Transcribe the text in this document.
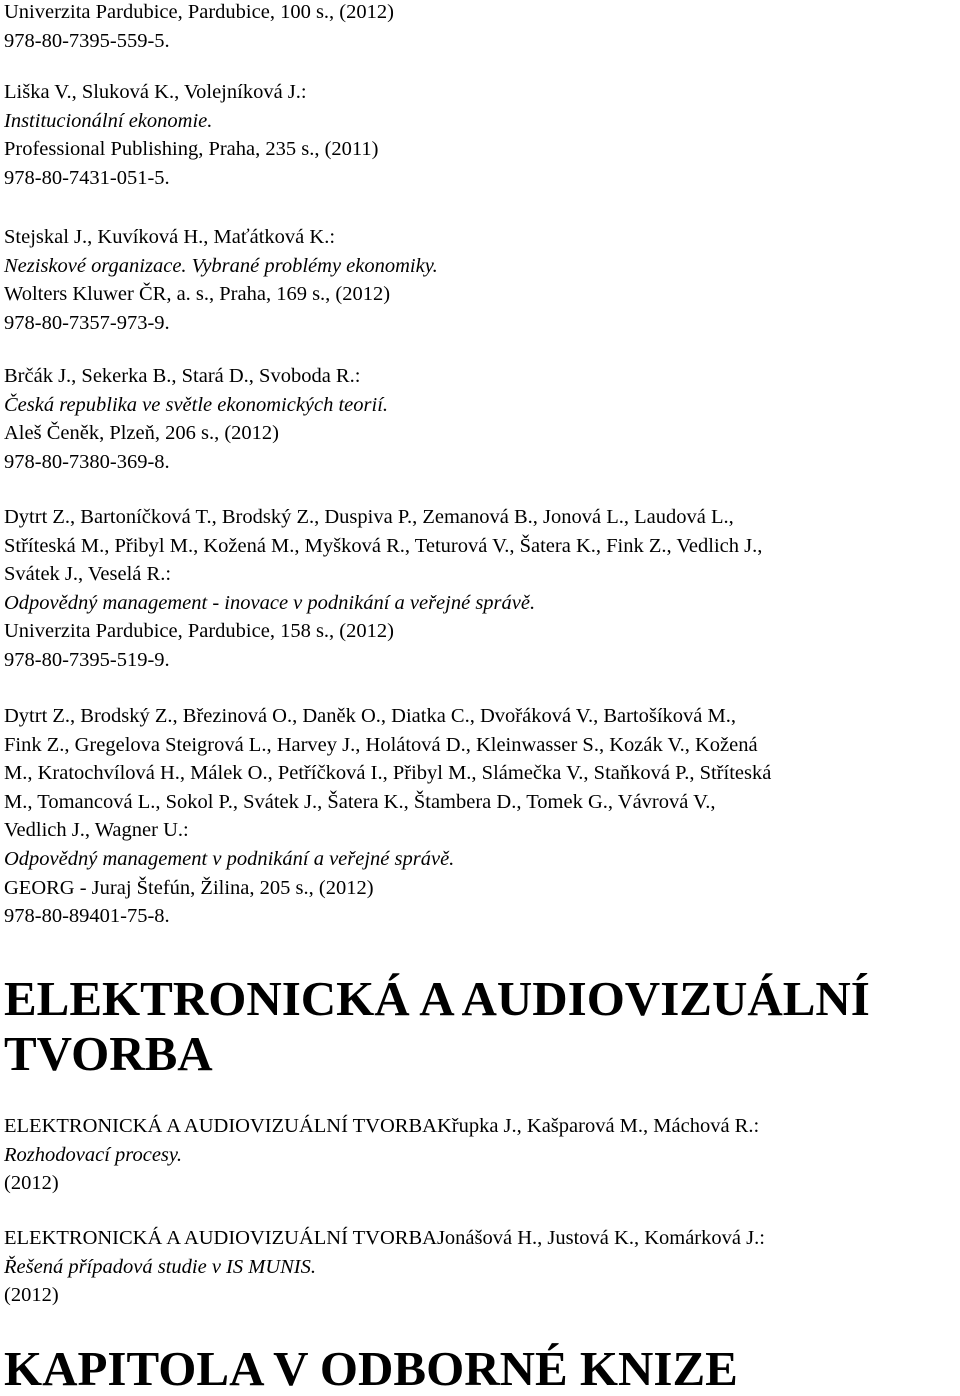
Univerzita Pardubice, Pardubice, 100 s., (2012)
978-80-7395-559-5.
Liška V., Sluková K., Volejníková J.:
Institucionální ekonomie.
Professional Publishing, Praha, 235 s., (2011)
978-80-7431-051-5.
Stejskal J., Kuvíková H., Maťátková K.:
Neziskové organizace. Vybrané problémy ekonomiky.
Wolters Kluwer ČR, a. s., Praha, 169 s., (2012)
978-80-7357-973-9.
Brčák J., Sekerka B., Stará D., Svoboda R.:
Česká republika ve světle ekonomických teorií.
Aleš Čeněk, Plzeň, 206 s., (2012)
978-80-7380-369-8.
Dytrt Z., Bartoníčková T., Brodský Z., Duspiva P., Zemanová B., Jonová L., Laudová L.,
Stříteská M., Přibyl M., Kožená M., Myšková R., Teturová V., Šatera K., Fink Z., Vedlich J.,
Svátek J., Veselá R.:
Odpovědný management - inovace v podnikání a veřejné správě.
Univerzita Pardubice, Pardubice, 158 s., (2012)
978-80-7395-519-9.
Dytrt Z., Brodský Z., Březinová O., Daněk O., Diatka C., Dvořáková V., Bartošíková M.,
Fink Z., Gregelova Steigrová L., Harvey J., Holátová D., Kleinwasser S., Kozák V., Kožená
M., Kratochvílová H., Málek O., Petříčková I., Přibyl M., Slámečka V., Staňková P., Stříteská
M., Tomancová L., Sokol P., Svátek J., Šatera K., Štambera D., Tomek G., Vávrová V.,
Vedlich J., Wagner U.:
Odpovědný management v podnikání a veřejné správě.
GEORG - Juraj Štefún, Žilina, 205 s., (2012)
978-80-89401-75-8.
ELEKTRONICKÁ A AUDIOVIZUÁLNÍ
TVORBA
ELEKTRONICKÁ A AUDIOVIZUÁLNÍ TVORBAKřupka J., Kašparová M., Máchová R.:
Rozhodovací procesy.
(2012)
ELEKTRONICKÁ A AUDIOVIZUÁLNÍ TVORBAJonášová H., Justová K., Komárková J.:
Řešená případová studie v IS MUNIS.
(2012)
KAPITOLA V ODBORNÉ KNIZE
